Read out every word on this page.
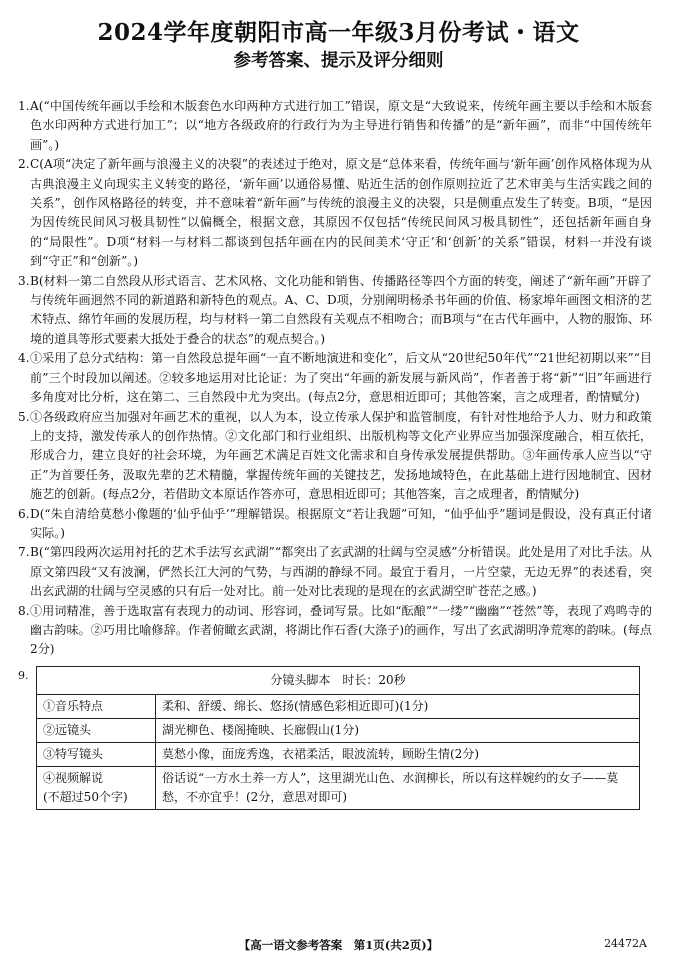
2024学年度朝阳市高一年级3月份考试・语文
参考答案、提示及评分细则
1. A(“中国传统年画以手绘和木版套色水印两种方式进行加工”错误，原文是“大致说来，传统年画主要以手绘和木版套色水印两种方式进行加工”；以“地方各级政府的行政行为为主导进行销售和传播”的是“新年画”，而非“中国传统年画”。)
2. C(A项“决定了新年画与浪漫主义的决裂”的表述过于绝对，原文是“总体来看，传统年画与‘新年画’创作风格体现为从古典浪漫主义向现实主义转变的路径，‘新年画’以通俗易懂、贴近生活的创作原则拉近了艺术审美与生活实践之间的关系”，创作风格路径的转变，并不意味着“新年画”与传统的浪漫主义的决裂，只是侧重点发生了转变。B项，“是因为因传统民间风习极具韧性”以偏概全，根据文意，其原因不仅包括“传统民间风习极具韧性”，还包括新年画自身的“局限性”。D项“材料一与材料二都谈到包括年画在内的民间美术‘守正’和‘创新’的关系”错误，材料一并没有谈到“守正”和“创新”。)
3. B(材料一第二自然段从形式语言、艺术风格、文化功能和销售、传播路径等四个方面的转变，阐述了“新年画”开辟了与传统年画迥然不同的新道路和新特色的观点。A、C、D项，分别阐明杨杀书年画的价值、杨家埠年画图文相济的艺术特点、绵竹年画的发展历程，均与材料一第二自然段有关观点不相吻合；而B项与“在古代年画中，人物的服饰、环境的道具等形式要素大抵处于叠合的状态”的观点契合。)
4. ①采用了总分式结构：第一自然段总提年画“一直不断地演进和变化”，后文从“20世纪50年代”“21世纪初期以来”“目前”三个时段加以阐述。②较多地运用对比论证：为了突出“年画的新发展与新风尚”，作者善于将“新”“旧”年画进行多角度对比分析，这在第二、三自然段中尤为突出。(每点2分，意思相近即可；其他答案，言之成理者，酌情赋分)
5. ①各级政府应当加强对年画艺术的重视，以人为本，设立传承人保护和监管制度，有针对性地给予人力、财力和政策上的支持，激发传承人的创作热情。②文化部门和行业组织、出版机构等文化产业界应当加强深度融合，相互依托，形成合力，建立良好的社会环境，为年画艺术满足百姓文化需求和自身传承发展提供帮助。③年画传承人应当以“守正”为首要任务，汲取先辈的艺术精髓，掌握传统年画的关键技艺，发扬地域特色，在此基础上进行因地制宜、因材施艺的创新。(每点2分，若借助文本原话作答亦可，意思相近即可；其他答案，言之成理者，酌情赋分)
6. D(“朱自清给莫愁小像题的‘仙乎仙乎’”理解错误。根据原文“若让我题”可知，“仙乎仙乎”题词是假设，没有真正付诸实际。)
7. B(“第四段两次运用衬托的艺术手法写玄武湖”“都突出了玄武湖的壮阔与空灵感”分析错误。此处是用了对比手法。从原文第四段“又有波澜，俨然长江大河的气势，与西湖的静绿不同。最宜于看月，一片空蒙，无边无界”的表述看，突出玄武湖的壮阔与空灵感的只有后一处对比。前一处对比表现的是现在的玄武湖空旷苍茫之感。)
8. ①用词精准，善于选取富有表现力的动词、形容词，叠词写景。比如“酝酿”“一缕”“幽幽”“苍然”等，表现了鸡鸣寺的幽古韵味。②巧用比喻修辞。作者俯瞰玄武湖，将湖比作石香(大涤子)的画作，写出了玄武湖明净荒寒的韵味。(每点2分)
9.	分镜头脚本　时长：20秒	
①音乐特点	柔和、舒缓、绵长、悠扬(情感色彩相近即可)(1分)
②远镜头	湖光柳色、楼阁掩映、长廊假山(1分)
③特写镜头	莫愁小像，面庞秀逸，衣裙柔活，眼波流转，顾盼生情(2分)
④视频解说
(不超过50个字)	俗话说“一方水土养一方人”，这里湖光山色、水润柳长，所以有这样婉约的女子——莫愁，不亦宜乎！(2分，意思对即可)
【高一语文参考答案　第1页(共2页)】	24472A
